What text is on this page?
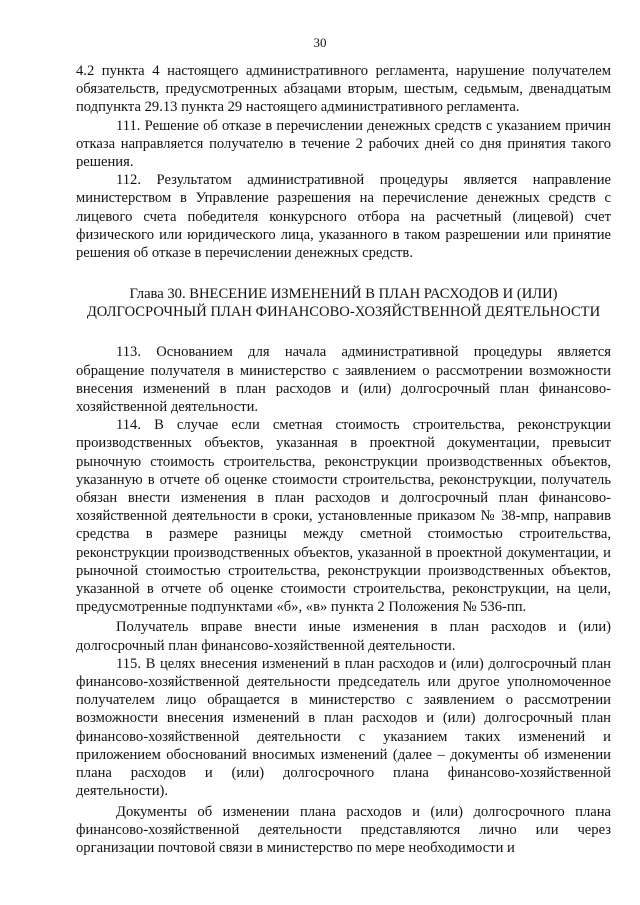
30

4.2 пункта 4 настоящего административного регламента, нарушение получателем обязательств, предусмотренных абзацами вторым, шестым, седьмым, двенадцатым подпункта 29.13 пункта 29 настоящего административного регламента.

111. Решение об отказе в перечислении денежных средств с указанием причин отказа направляется получателю в течение 2 рабочих дней со дня принятия такого решения.

112. Результатом административной процедуры является направление министерством в Управление разрешения на перечисление денежных средств с лицевого счета победителя конкурсного отбора на расчетный (лицевой) счет физического или юридического лица, указанного в таком разрешении или принятие решения об отказе в перечислении денежных средств.

Глава 30. ВНЕСЕНИЕ ИЗМЕНЕНИЙ В ПЛАН РАСХОДОВ И (ИЛИ)
ДОЛГОСРОЧНЫЙ ПЛАН ФИНАНСОВО-ХОЗЯЙСТВЕННОЙ ДЕЯТЕЛЬНОСТИ

113. Основанием для начала административной процедуры является обращение получателя в министерство с заявлением о рассмотрении возможности внесения изменений в план расходов и (или) долгосрочный план финансово-хозяйственной деятельности.

114. В случае если сметная стоимость строительства, реконструкции производственных объектов, указанная в проектной документации, превысит рыночную стоимость строительства, реконструкции производственных объектов, указанную в отчете об оценке стоимости строительства, реконструкции, получатель обязан внести изменения в план расходов и долгосрочный план финансово-хозяйственной деятельности в сроки, установленные приказом № 38-мпр, направив средства в размере разницы между сметной стоимостью строительства, реконструкции производственных объектов, указанной в проектной документации, и рыночной стоимостью строительства, реконструкции производственных объектов, указанной в отчете об оценке стоимости строительства, реконструкции, на цели, предусмотренные подпунктами «б», «в» пункта 2 Положения № 536-пп.

Получатель вправе внести иные изменения в план расходов и (или) долгосрочный план финансово-хозяйственной деятельности.

115. В целях внесения изменений в план расходов и (или) долгосрочный план финансово-хозяйственной деятельности председатель или другое уполномоченное получателем лицо обращается в министерство с заявлением о рассмотрении возможности внесения изменений в план расходов и (или) долгосрочный план финансово-хозяйственной деятельности с указанием таких изменений и приложением обоснований вносимых изменений (далее – документы об изменении плана расходов и (или) долгосрочного плана финансово-хозяйственной деятельности).

Документы об изменении плана расходов и (или) долгосрочного плана финансово-хозяйственной деятельности представляются лично или через организации почтовой связи в министерство по мере необходимости и
